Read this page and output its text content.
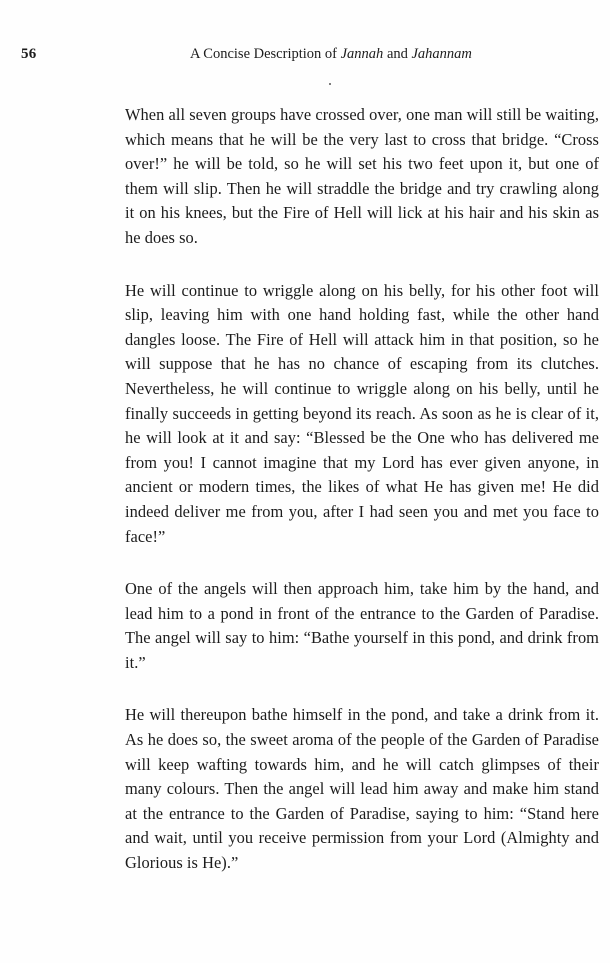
56	A Concise Description of Jannah and Jahannam

When all seven groups have crossed over, one man will still be waiting, which means that he will be the very last to cross that bridge. “Cross over!” he will be told, so he will set his two feet upon it, but one of them will slip. Then he will straddle the bridge and try crawling along it on his knees, but the Fire of Hell will lick at his hair and his skin as he does so.

He will continue to wriggle along on his belly, for his other foot will slip, leaving him with one hand holding fast, while the other hand dangles loose. The Fire of Hell will attack him in that position, so he will suppose that he has no chance of escaping from its clutches. Nevertheless, he will continue to wriggle along on his belly, until he finally succeeds in getting beyond its reach. As soon as he is clear of it, he will look at it and say: “Blessed be the One who has delivered me from you! I cannot imagine that my Lord has ever given anyone, in ancient or modern times, the likes of what He has given me! He did indeed deliver me from you, after I had seen you and met you face to face!”

One of the angels will then approach him, take him by the hand, and lead him to a pond in front of the entrance to the Garden of Paradise. The angel will say to him: “Bathe yourself in this pond, and drink from it.”

He will thereupon bathe himself in the pond, and take a drink from it. As he does so, the sweet aroma of the people of the Garden of Paradise will keep wafting towards him, and he will catch glimpses of their many colours. Then the angel will lead him away and make him stand at the entrance to the Garden of Paradise, saying to him: “Stand here and wait, until you receive permission from your Lord (Almighty and Glorious is He).”
